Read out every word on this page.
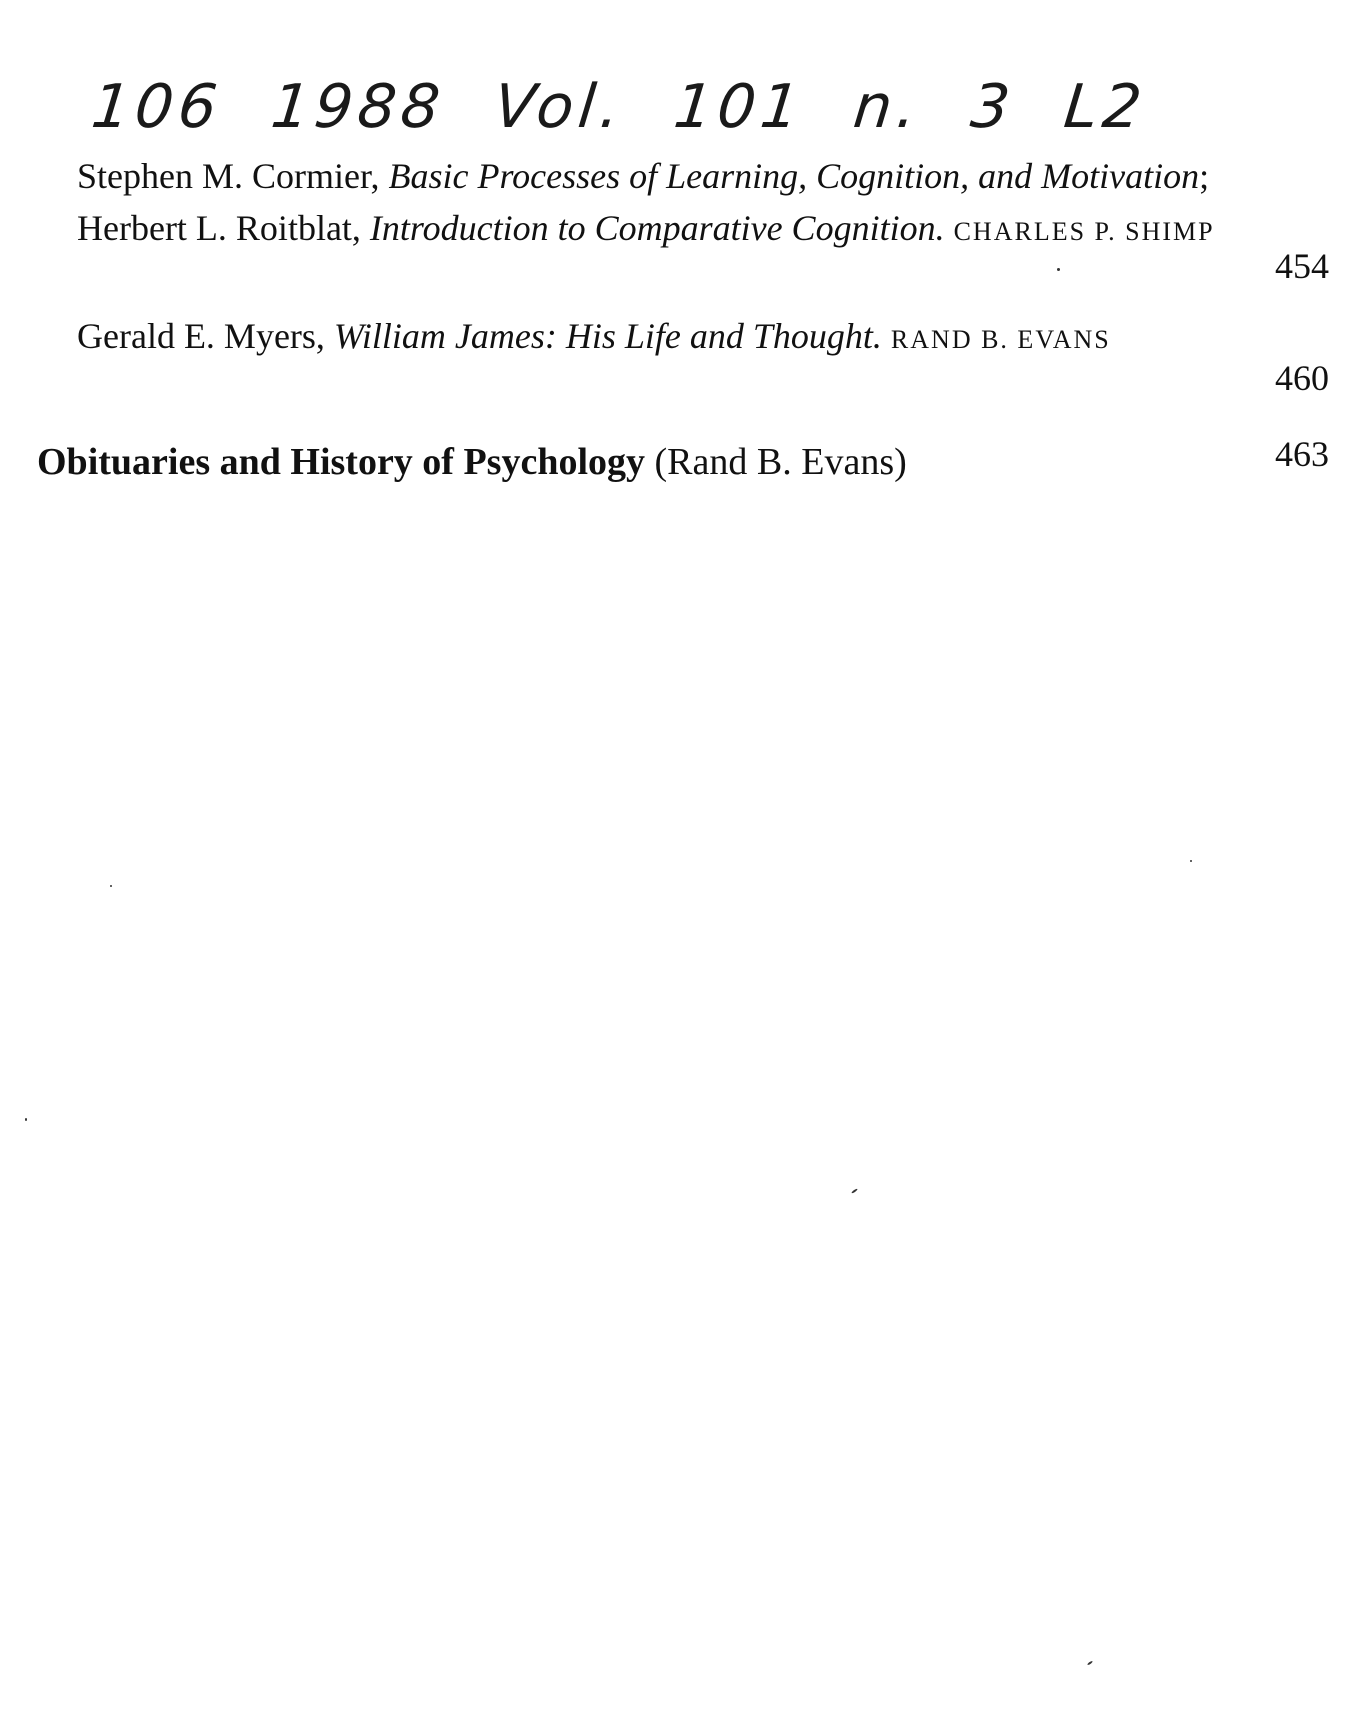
106 1988 Vol. 101 n. 3 L2
Stephen M. Cormier, Basic Processes of Learning, Cognition, and Motivation; Herbert L. Roitblat, Introduction to Comparative Cognition. CHARLES P. SHIMP
454
Gerald E. Myers, William James: His Life and Thought. RAND B. EVANS
460
Obituaries and History of Psychology (Rand B. Evans)	463
